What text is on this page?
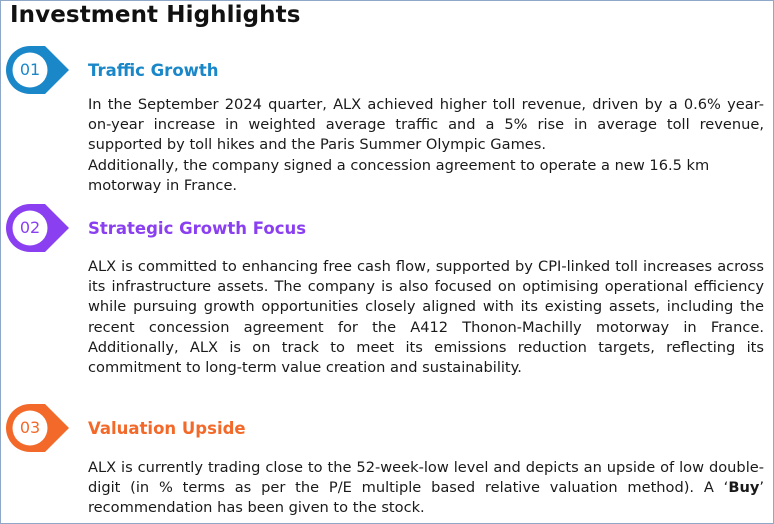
Investment Highlights
01	Traffic Growth

In the September 2024 quarter, ALX achieved higher toll revenue, driven by a 0.6% year-on-year increase in weighted average traffic and a 5% rise in average toll revenue, supported by toll hikes and the Paris Summer Olympic Games.

Additionally, the company signed a concession agreement to operate a new 16.5 km motorway in France.

02	Strategic Growth Focus

ALX is committed to enhancing free cash flow, supported by CPI-linked toll increases across its infrastructure assets. The company is also focused on optimising operational efficiency while pursuing growth opportunities closely aligned with its existing assets, including the recent concession agreement for the A412 Thonon-Machilly motorway in France. Additionally, ALX is on track to meet its emissions reduction targets, reflecting its commitment to long-term value creation and sustainability.

03	Valuation Upside

ALX is currently trading close to the 52-week-low level and depicts an upside of low double-digit (in % terms as per the P/E multiple based relative valuation method). A ‘Buy’ recommendation has been given to the stock.
